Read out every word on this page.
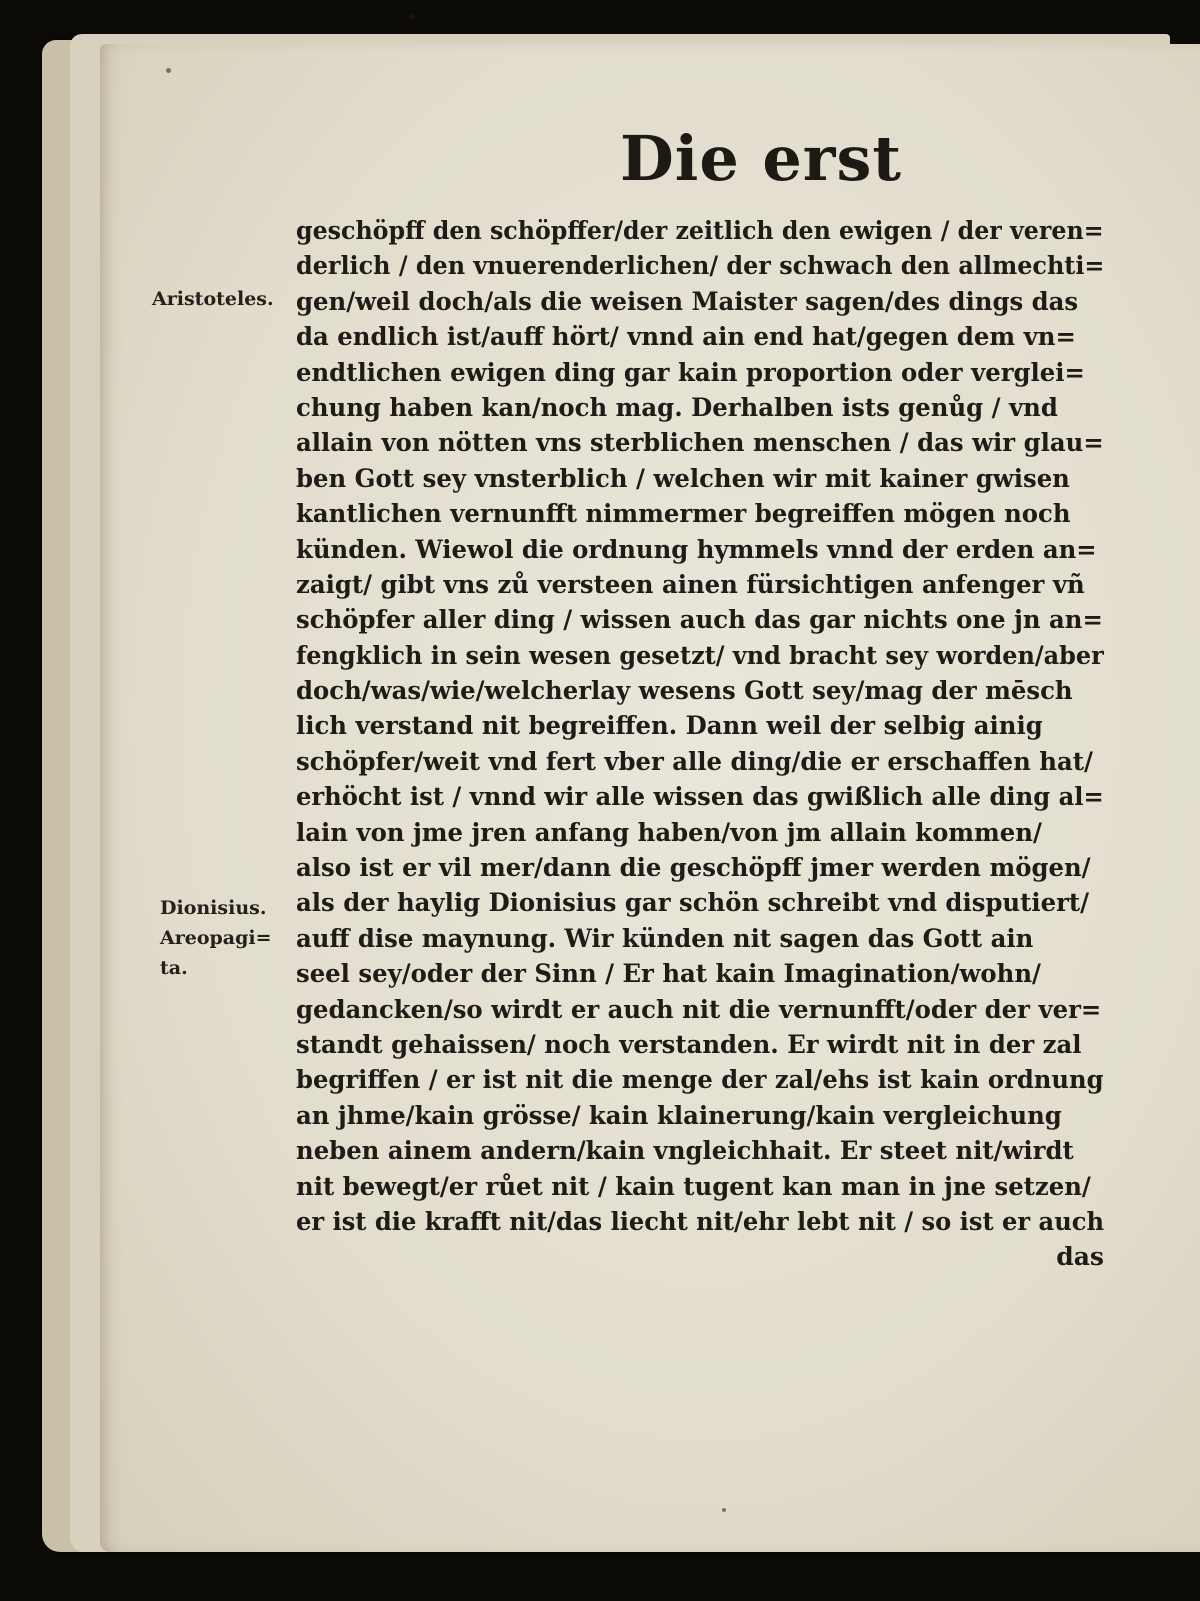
Die erst

Aristoteles.

Dionisius.
Areopagi=
ta.
geschöpff den schöpffer/der zeitlich den ewigen / der veren=
derlich / den vnuerenderlichen/ der schwach den allmechti=
gen/weil doch/als die weisen Maister sagen/des dings das
da endlich ist/auff hört/ vnnd ain end hat/gegen dem vn=
endtlichen ewigen ding gar kain proportion oder verglei=
chung haben kan/noch mag. Derhalben ists genůg / vnd
allain von nötten vns sterblichen menschen / das wir glau=
ben Gott sey vnsterblich / welchen wir mit kainer gwisen
kantlichen vernunfft nimmermer begreiffen mögen noch
künden. Wiewol die ordnung hymmels vnnd der erden an=
zaigt/ gibt vns zů versteen ainen fürsichtigen anfenger vñ
schöpfer aller ding / wissen auch das gar nichts one jn an=
fengklich in sein wesen gesetzt/ vnd bracht sey worden/aber
doch/was/wie/welcherlay wesens Gott sey/mag der mēsch
lich verstand nit begreiffen. Dann weil der selbig ainig
schöpfer/weit vnd fert vber alle ding/die er erschaffen hat/
erhöcht ist / vnnd wir alle wissen das gwißlich alle ding al=
lain von jme jren anfang haben/von jm allain kommen/
also ist er vil mer/dann die geschöpff jmer werden mögen/
als der haylig Dionisius gar schön schreibt vnd disputiert/
auff dise maynung. Wir künden nit sagen das Gott ain
seel sey/oder der Sinn / Er hat kain Imagination/wohn/
gedancken/so wirdt er auch nit die vernunfft/oder der ver=
standt gehaissen/ noch verstanden. Er wirdt nit in der zal
begriffen / er ist nit die menge der zal/ehs ist kain ordnung
an jhme/kain grösse/ kain klainerung/kain vergleichung
neben ainem andern/kain vngleichhait. Er steet nit/wirdt
nit bewegt/er růet nit / kain tugent kan man in jne setzen/
er ist die krafft nit/das liecht nit/ehr lebt nit / so ist er auch
das
